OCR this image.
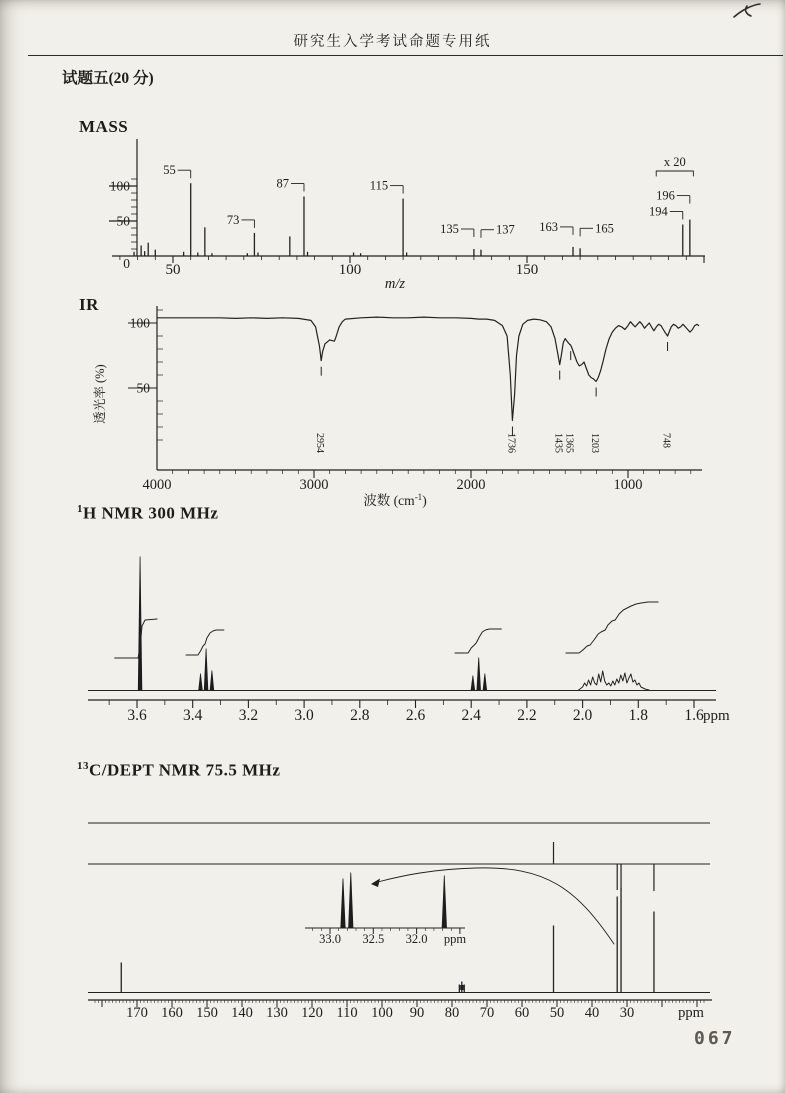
研究生入学考试命题专用纸
试题五(20 分)
MASS
IR
$^1$H NMR 300 MHz
$^{13}$C/DEPT NMR 75.5 MHz
0
50
100
50	100	150
m/z
55
73
87	115
135	137 163	165
194
196
x 20
100
50
4000	3000	2000	1000
波数 $(cm^{-1})$
透光率 (%)
2954	1736	1435 1365 1203	748
3.6 3.4 3.2 3.0 2.8 2.6 2.4 2.2 2.0 1.8 1.6 ppm
170 160 150 140 130 120 110 100 90 80 70 60 50 40 30	ppm
33.0 32.5 32.0 ppm
067
